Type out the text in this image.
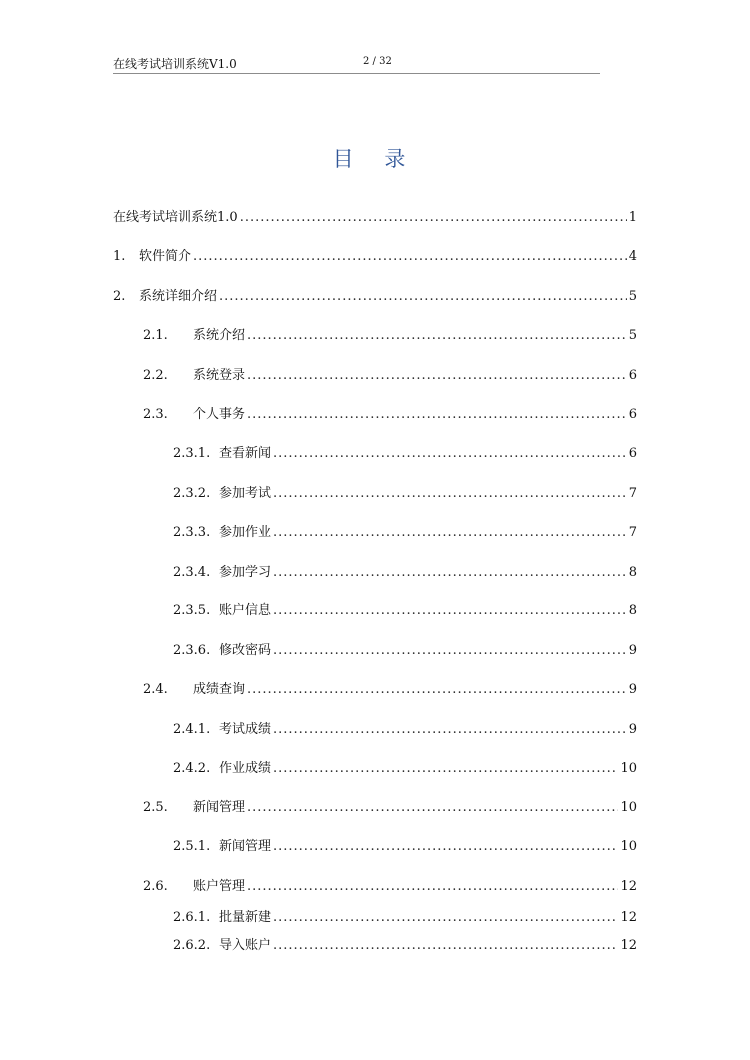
在线考试培训系统V1.0	2 / 32
目 录
在线考试培训系统1.0 .....	1
1.	软件简介 .....	4
2.	系统详细介绍 .....	5
2.1.	系统介绍 .....	5
2.2.	系统登录 .....	6
2.3.	个人事务 .....	6
2.3.1. 查看新闻 .....	6
2.3.2. 参加考试 .....	7
2.3.3. 参加作业 .....	7
2.3.4. 参加学习 .....	8
2.3.5. 账户信息 .....	8
2.3.6. 修改密码 .....	9
2.4.	成绩查询 .....	9
2.4.1. 考试成绩 .....	9
2.4.2. 作业成绩 .....	10
2.5.	新闻管理 .....	10
2.5.1. 新闻管理 .....	10
2.6.	账户管理 .....	12
2.6.1. 批量新建 .....	12
2.6.2. 导入账户 .....	12
